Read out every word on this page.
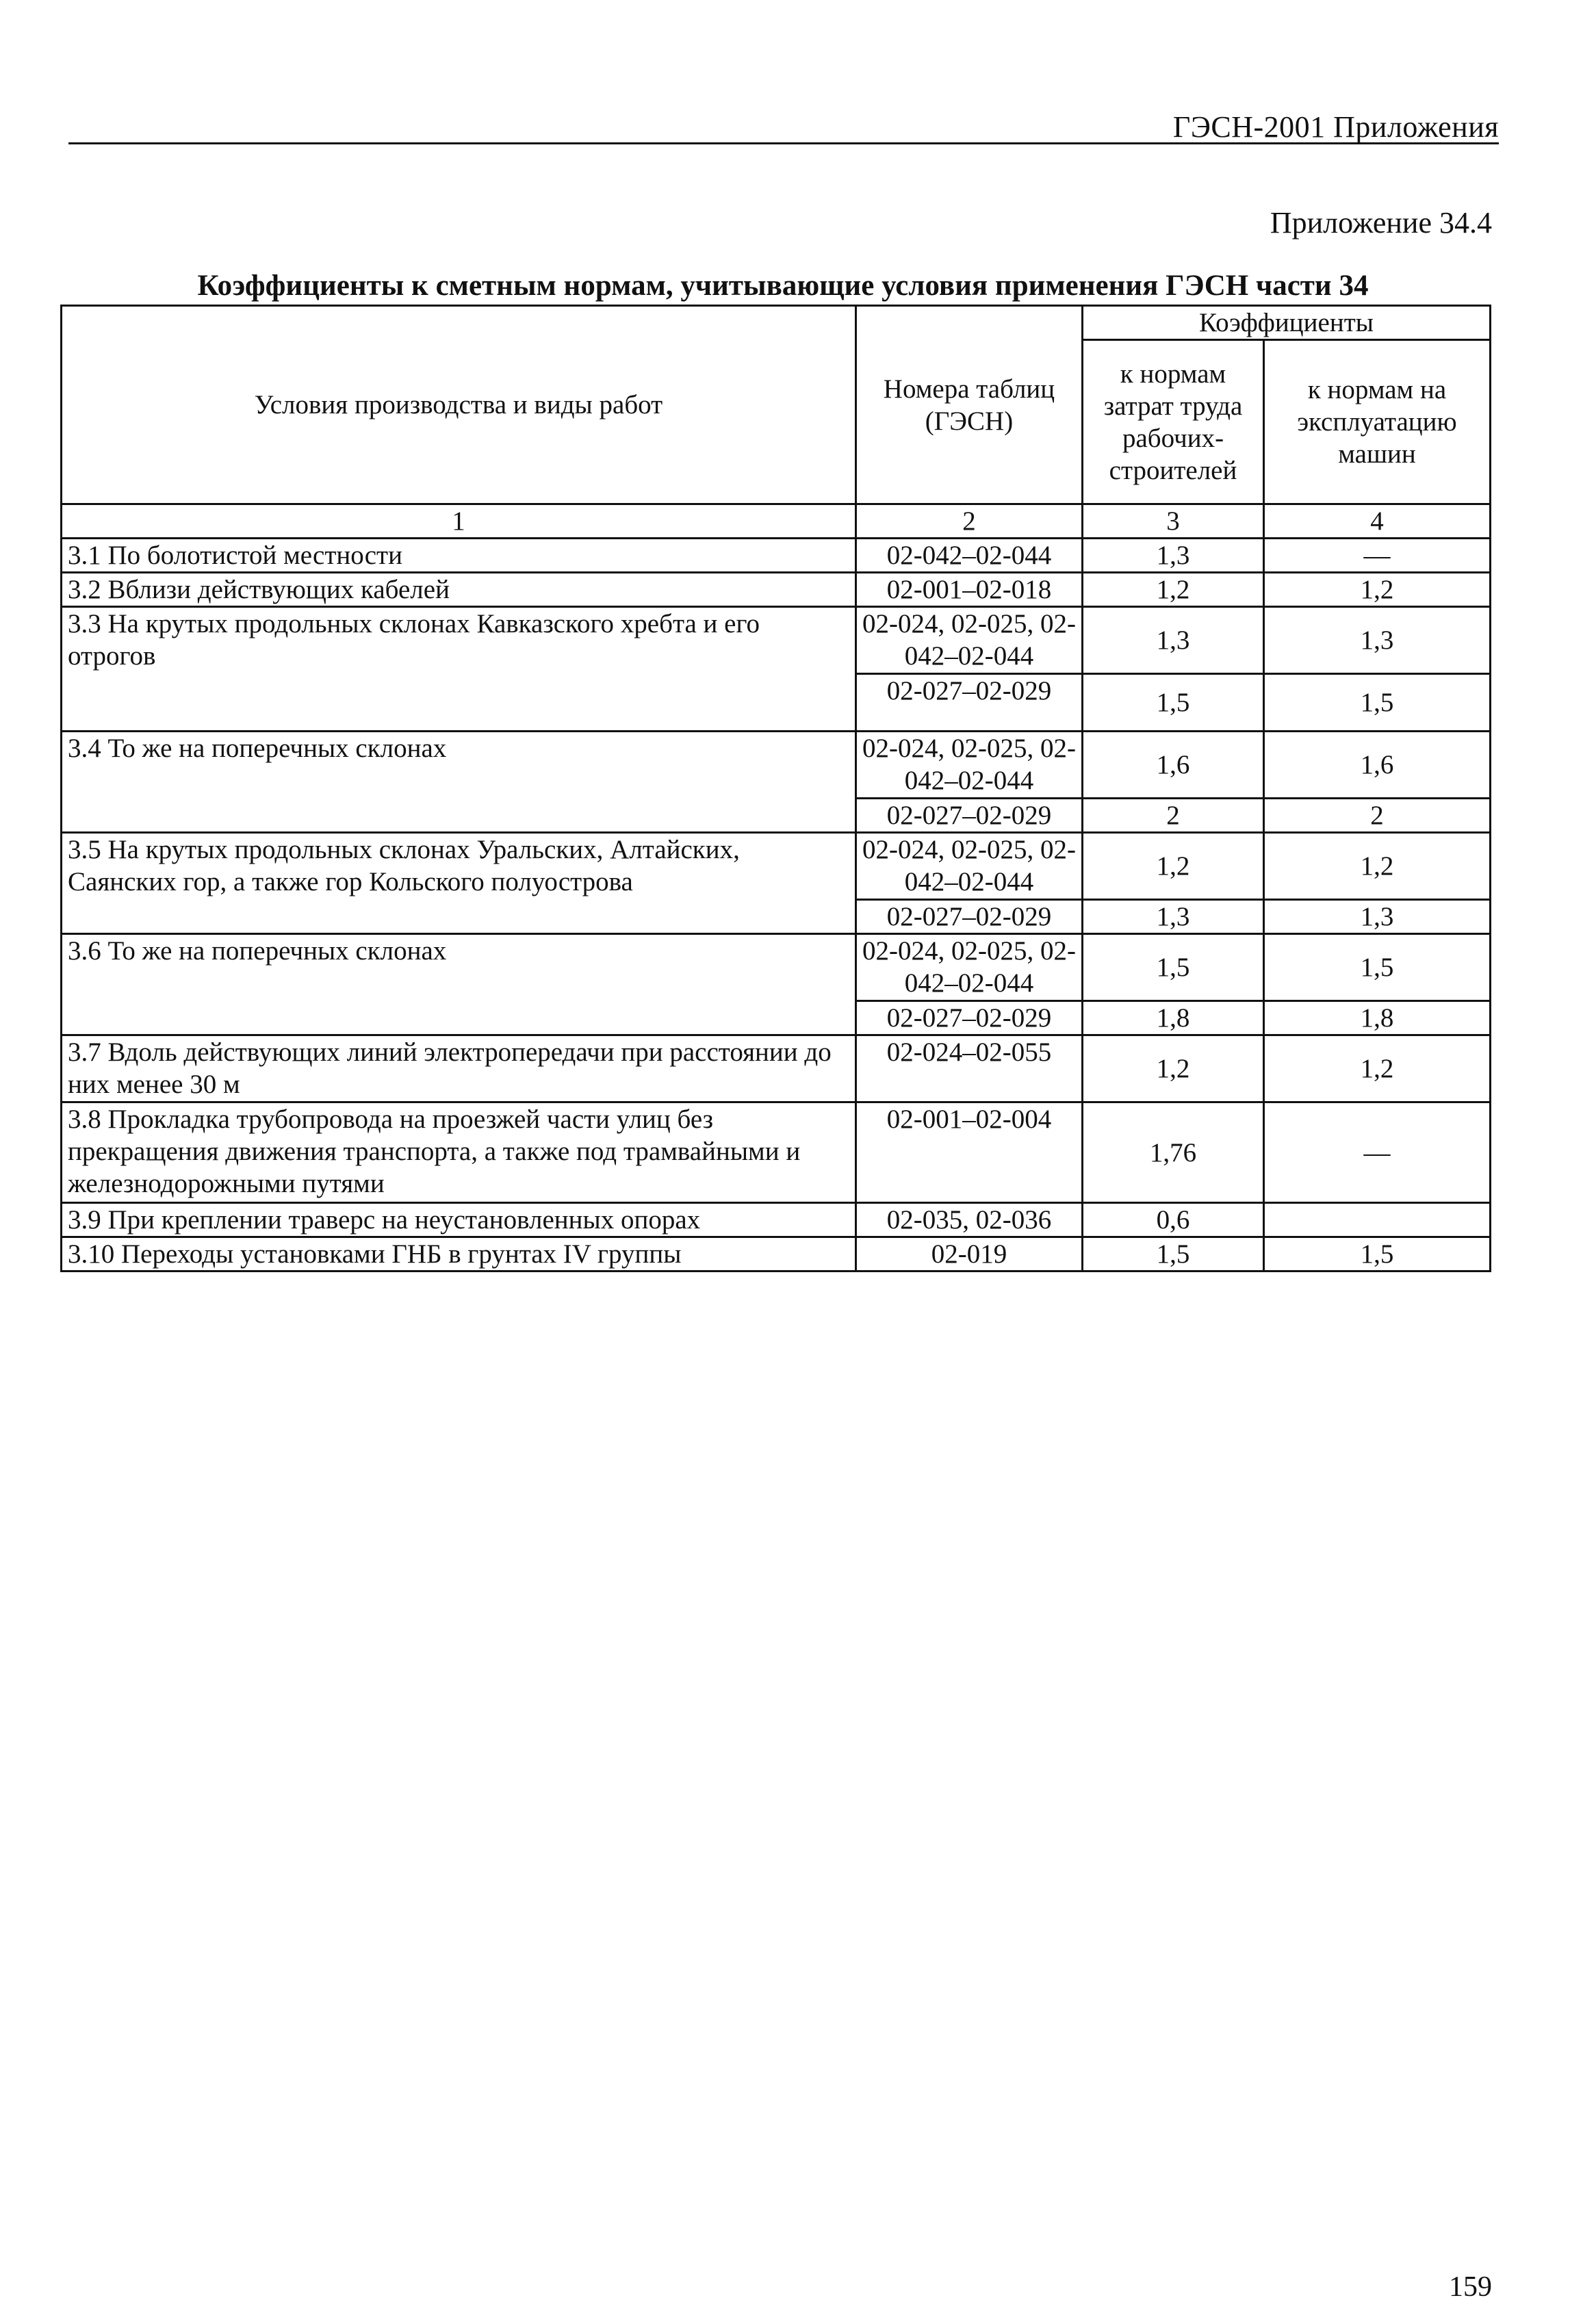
ГЭСН-2001 Приложения
Приложение 34.4
Коэффициенты к сметным нормам, учитывающие условия применения ГЭСН части 34
Условия производства и виды работ	Номера таблиц (ГЭСН)	Коэффициенты	
		к нормам затрат труда рабочих-строителей	к нормам на эксплуатацию машин
1	2	3	4
3.1 По болотистой местности	02-042–02-044	1,3	—
3.2 Вблизи действующих кабелей	02-001–02-018	1,2	1,2
3.3 На крутых продольных склонах Кавказского хребта и его отрогов	02-024, 02-025, 02-042–02-044	1,3	1,3
	02-027–02-029	1,5	1,5
3.4 То же на поперечных склонах	02-024, 02-025, 02-042–02-044	1,6	1,6
	02-027–02-029	2	2
3.5 На крутых продольных склонах Уральских, Алтайских, Саянских гор, а также гор Кольского полуострова	02-024, 02-025, 02-042–02-044	1,2	1,2
	02-027–02-029	1,3	1,3
3.6 То же на поперечных склонах	02-024, 02-025, 02-042–02-044	1,5	1,5
	02-027–02-029	1,8	1,8
3.7 Вдоль действующих линий электропередачи при расстоянии до них менее 30 м	02-024–02-055	1,2	1,2
3.8 Прокладка трубопровода на проезжей части улиц без прекращения движения транспорта, а также под трамвайными и железнодорожными путями	02-001–02-004	1,76	—
3.9 При креплении траверс на неустановленных опорах	02-035, 02-036	0,6	
3.10 Переходы установками ГНБ в грунтах IV группы	02-019	1,5	1,5
159
